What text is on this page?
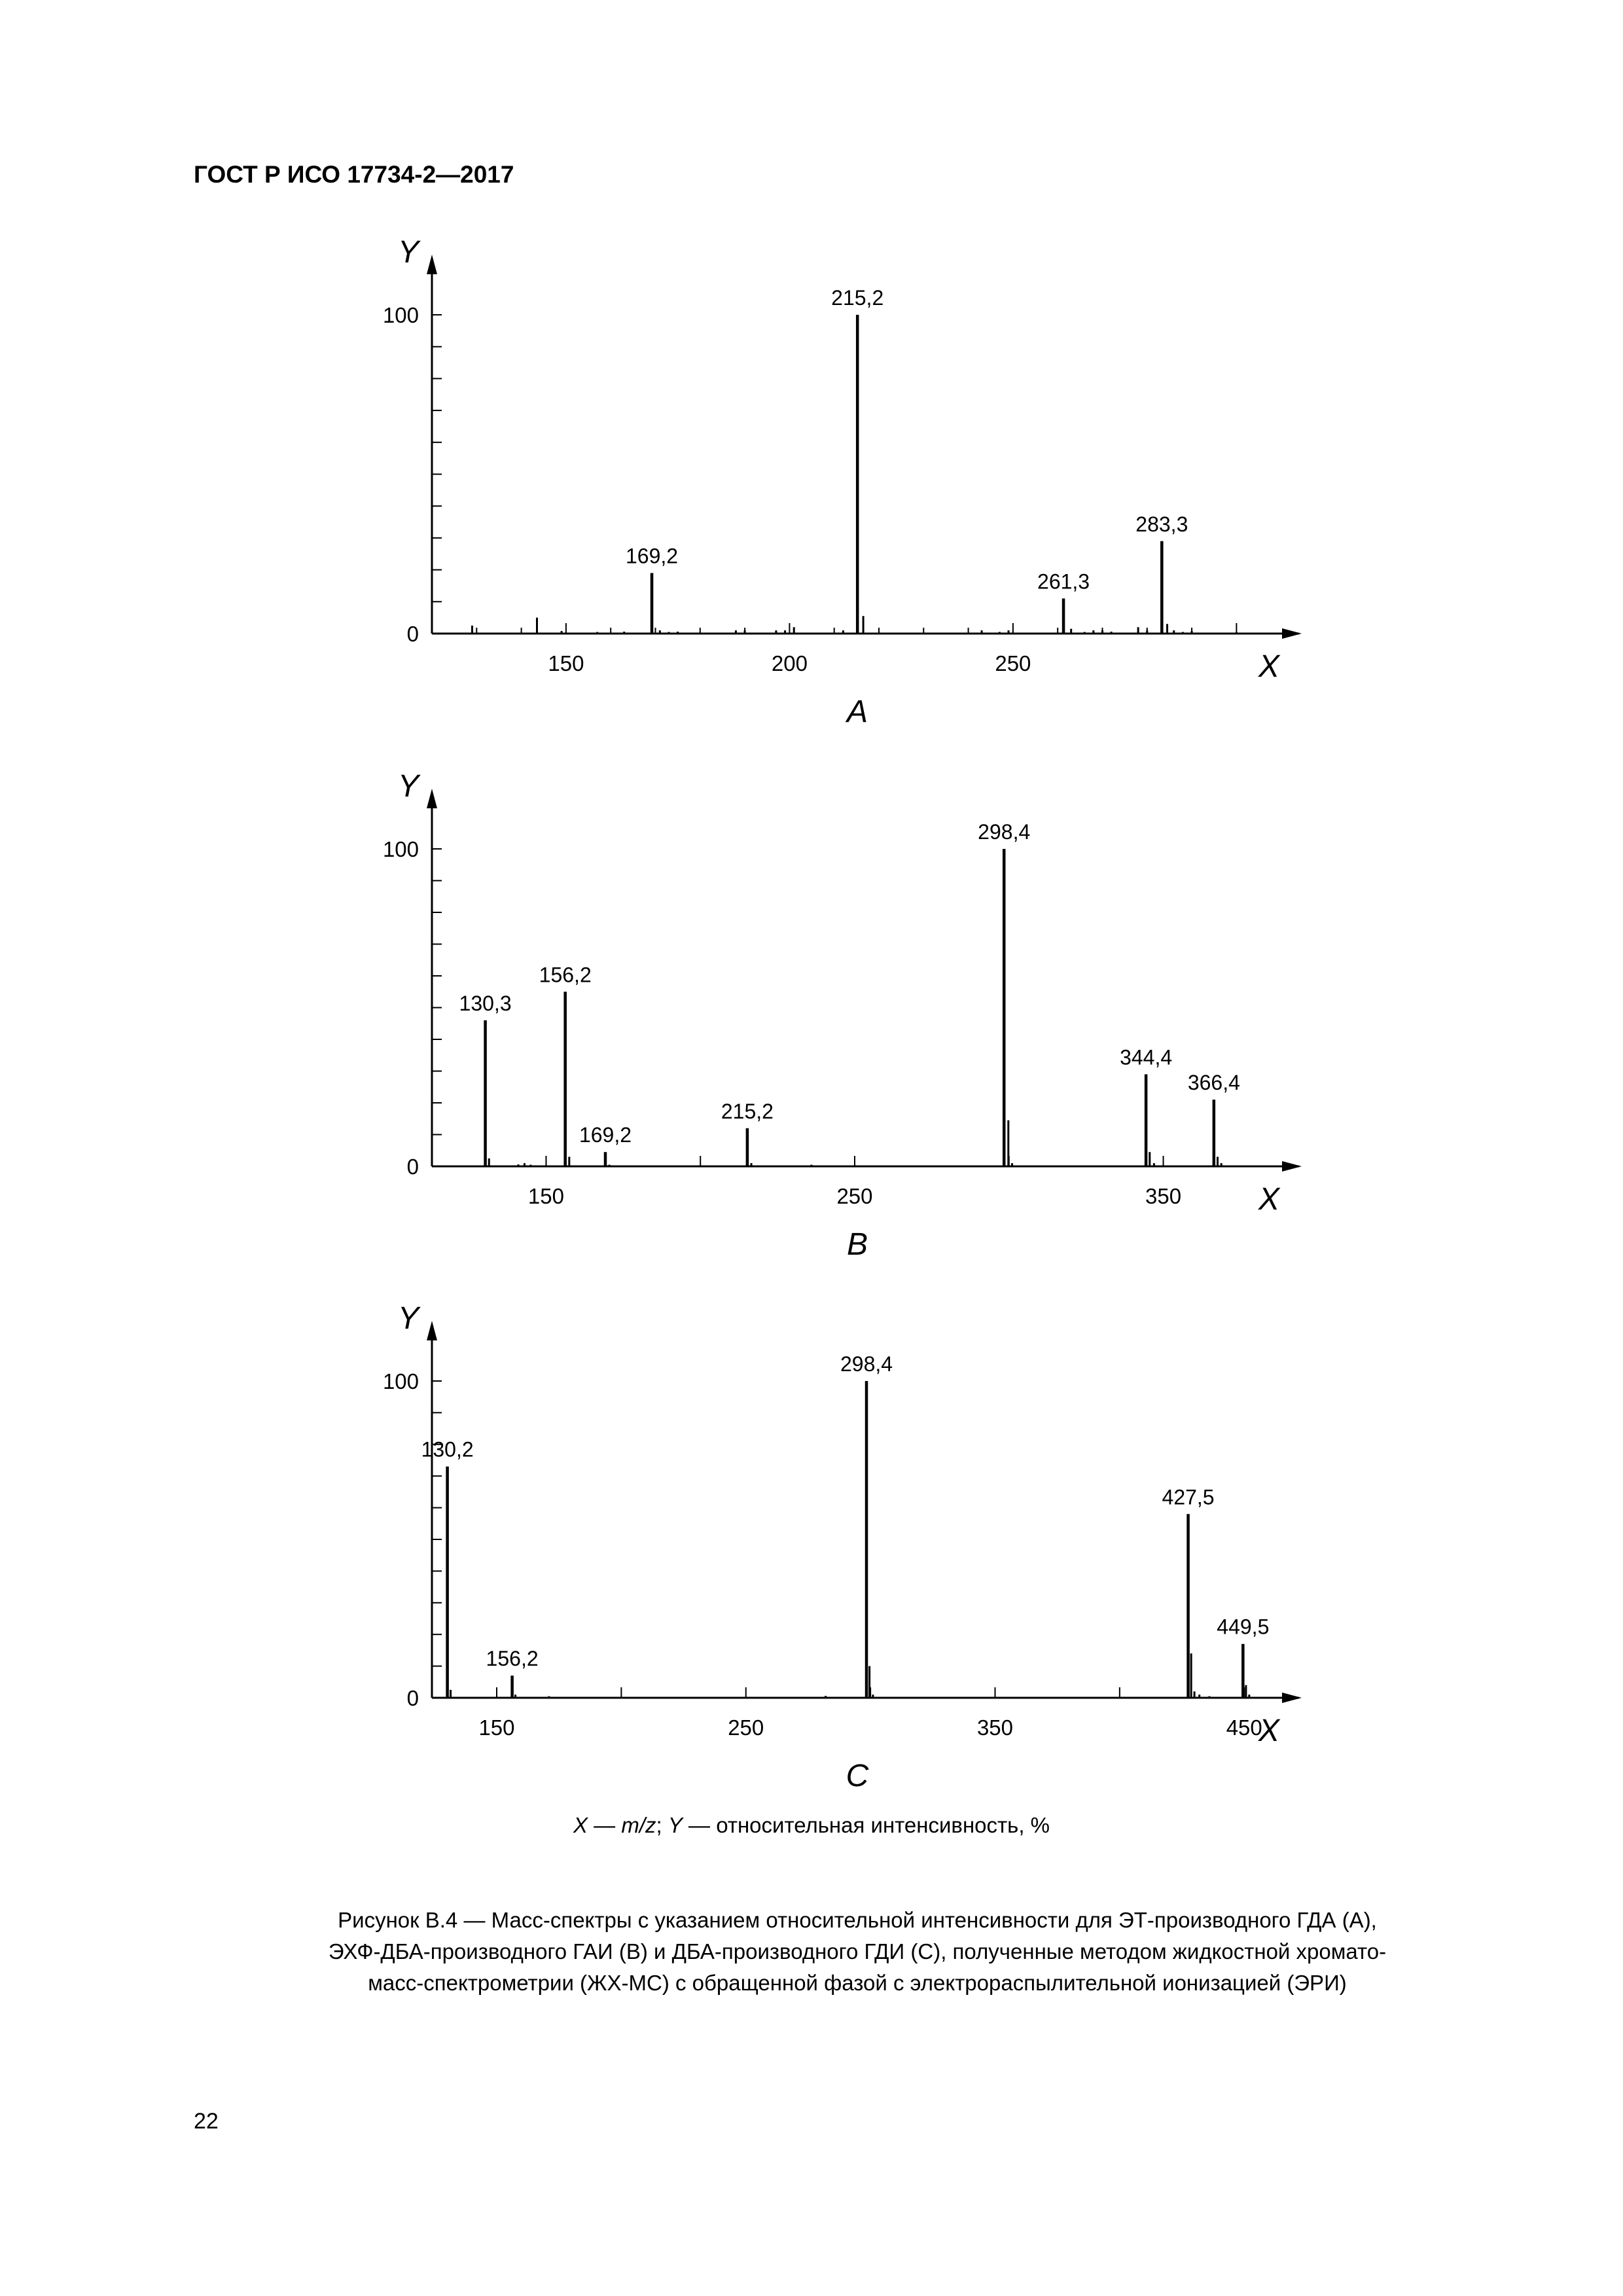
ГОСТ Р ИСО 17734-2—2017
0
100
150	200	250
Y
X
A
169,2
215,2
261,3
283,3
0
100
150	250	350
Y
X
B
130,3
156,2
169,2
215,2
298,4
344,4
366,4
0
100
150	250	350	450
Y
X
C
130,2
156,2
298,4
427,5
449,5
X — m/z; Y — относительная интенсивность, %
Рисунок В.4 — Масс-спектры с указанием относительной интенсивности для ЭТ-производного ГДА (A),
ЭХФ-ДБА-производного ГАИ (B) и ДБА-производного ГДИ (C), полученные методом жидкостной хромато-
масс-спектрометрии (ЖХ-МС) с обращенной фазой с электрораспылительной ионизацией (ЭРИ)
22
